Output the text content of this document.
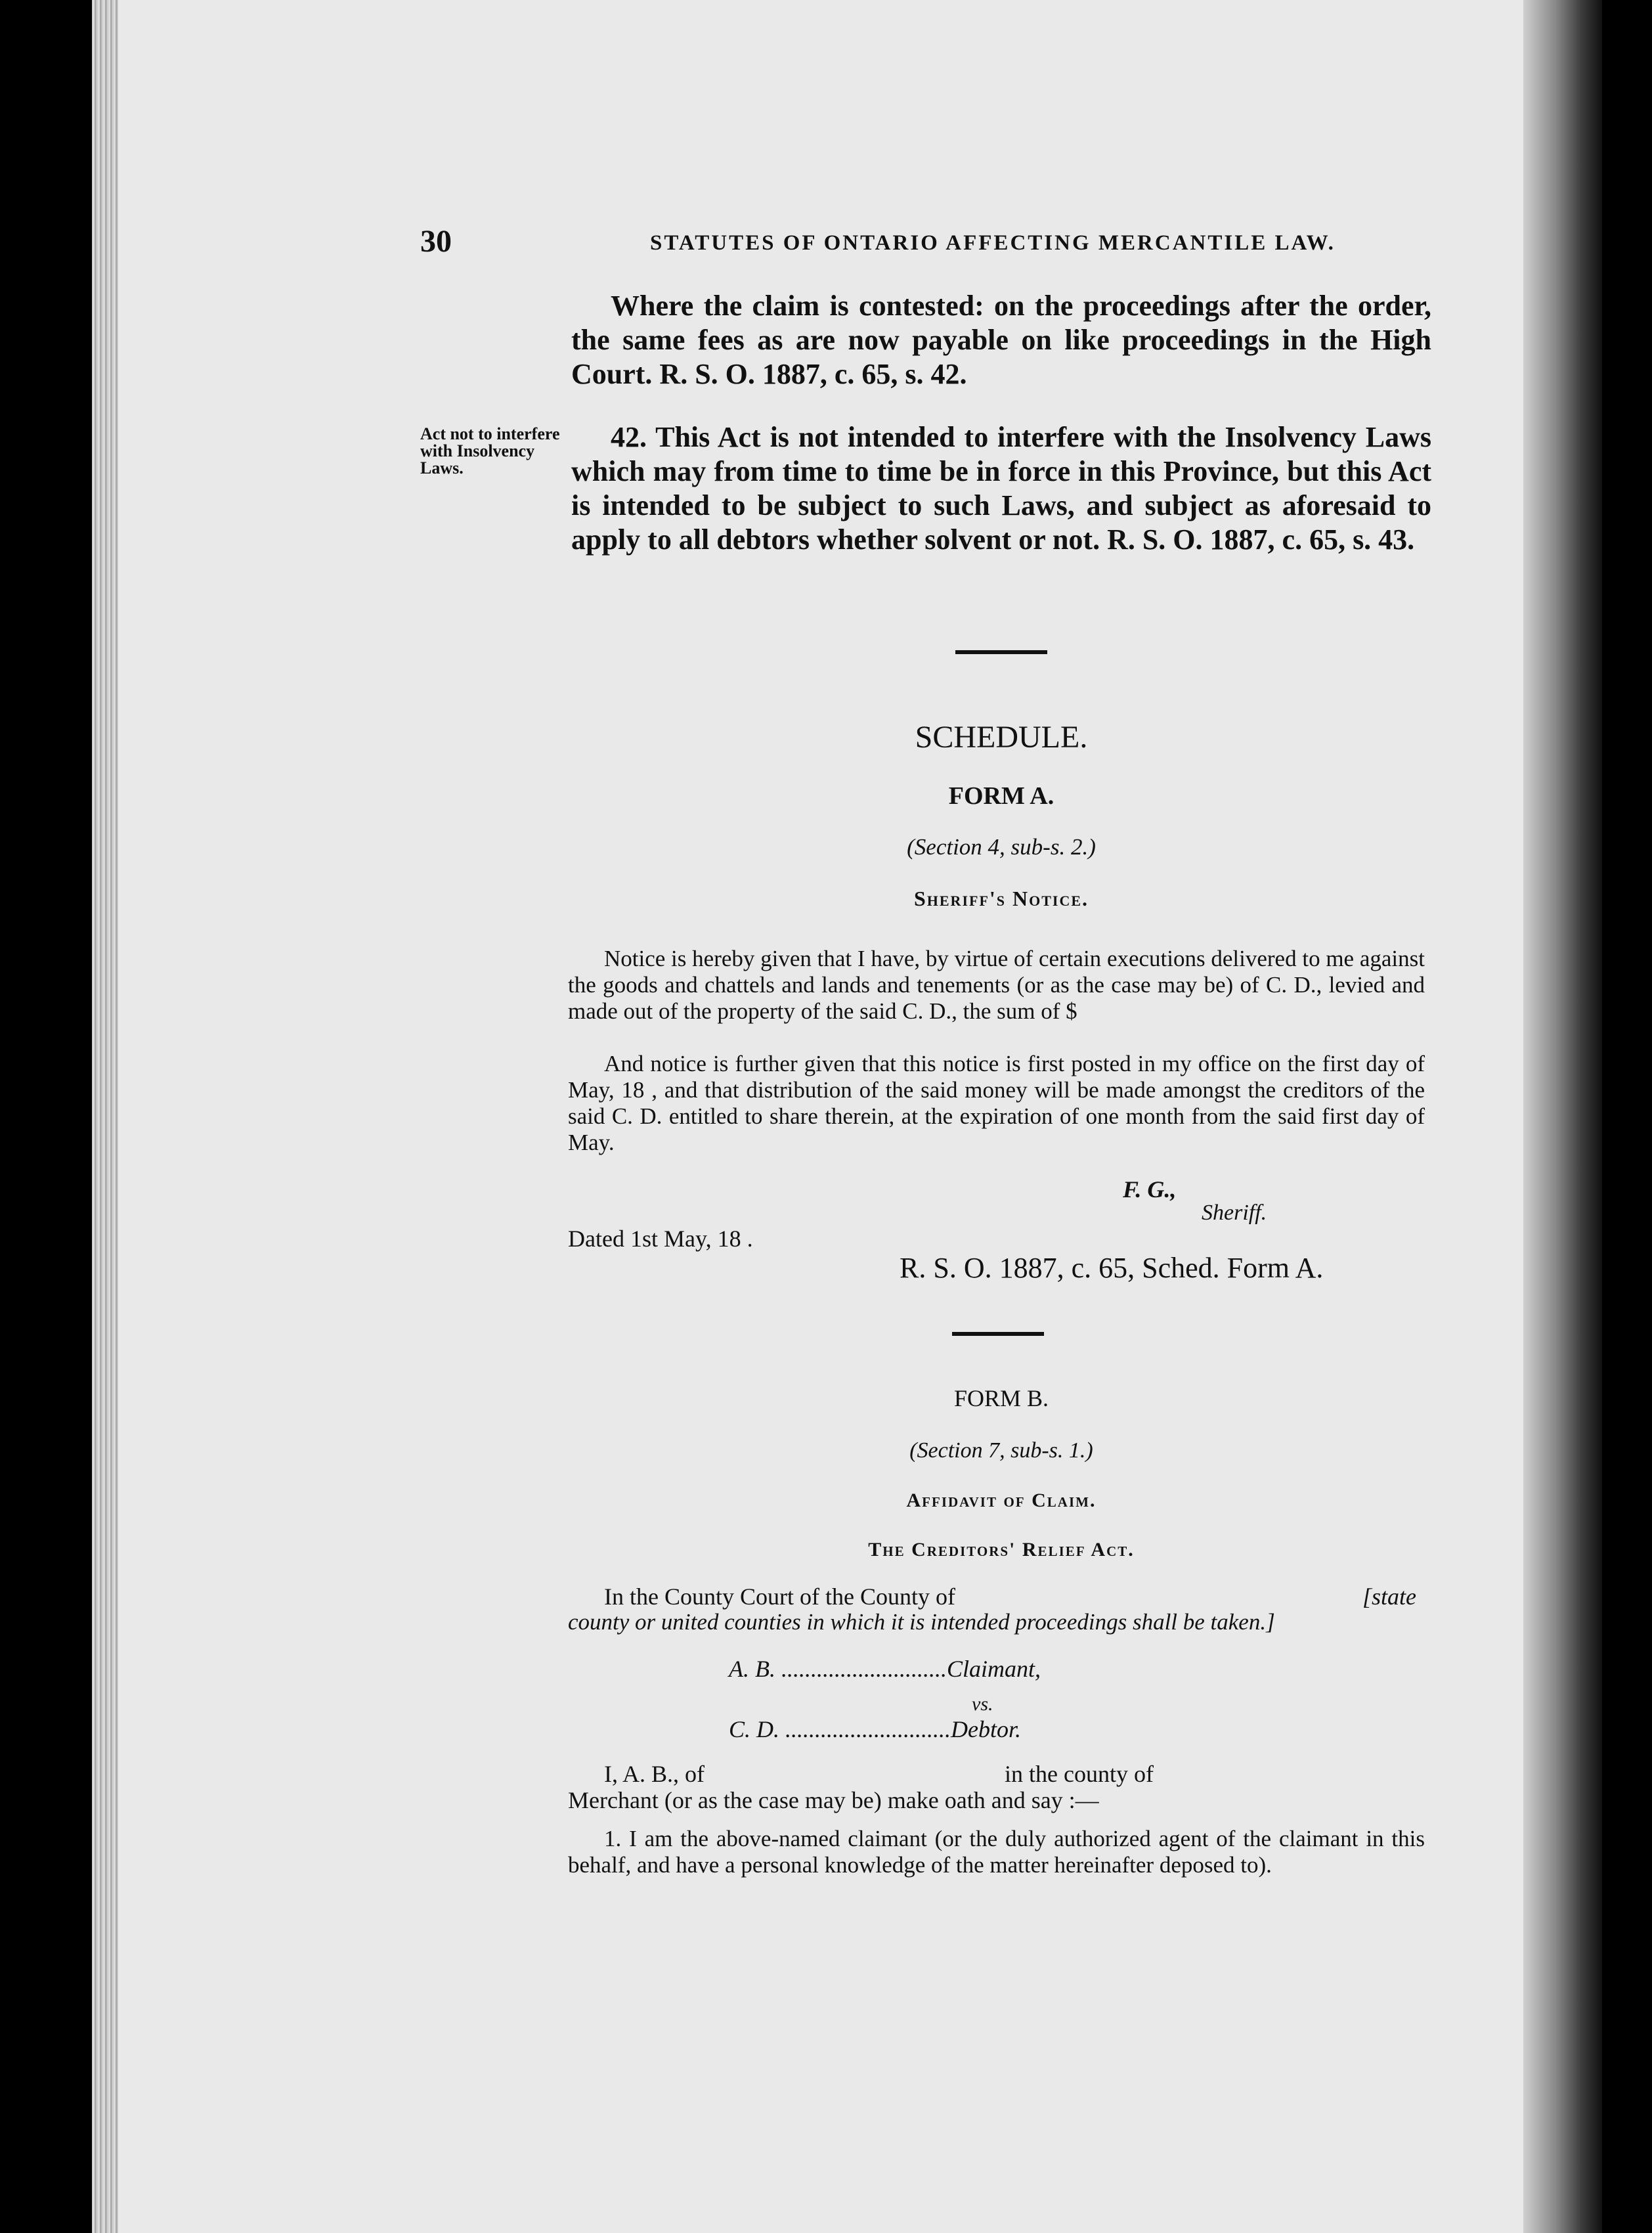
30	STATUTES OF ONTARIO AFFECTING MERCANTILE LAW.
Where the claim is contested: on the proceedings after the order, the same fees as are now payable on like proceedings in the High Court. R. S. O. 1887, c. 65, s. 42.
Act not to interfere with Insolvency Laws.
42. This Act is not intended to interfere with the Insolvency Laws which may from time to time be in force in this Province, but this Act is intended to be subject to such Laws, and subject as aforesaid to apply to all debtors whether solvent or not. R. S. O. 1887, c. 65, s. 43.
SCHEDULE.
FORM A.
(Section 4, sub-s. 2.)
Sheriff's Notice.
Notice is hereby given that I have, by virtue of certain executions delivered to me against the goods and chattels and lands and tenements (or as the case may be) of C. D., levied and made out of the property of the said C. D., the sum of $
And notice is further given that this notice is first posted in my office on the first day of May, 18 , and that distribution of the said money will be made amongst the creditors of the said C. D. entitled to share therein, at the expiration of one month from the said first day of May.
F. G.,
Sheriff.
Dated 1st May, 18 .
R. S. O. 1887, c. 65, Sched. Form A.
FORM B.
(Section 7, sub-s. 1.)
Affidavit of Claim.
The Creditors' Relief Act.
In the County Court of the County of	[state
county or united counties in which it is intended proceedings shall be taken.]
A. B. ............................Claimant,
vs.
C. D. ............................Debtor.
I, A. B., of	in the county of
Merchant (or as the case may be) make oath and say :—
1. I am the above-named claimant (or the duly authorized agent of the claimant in this behalf, and have a personal knowledge of the matter hereinafter deposed to).
